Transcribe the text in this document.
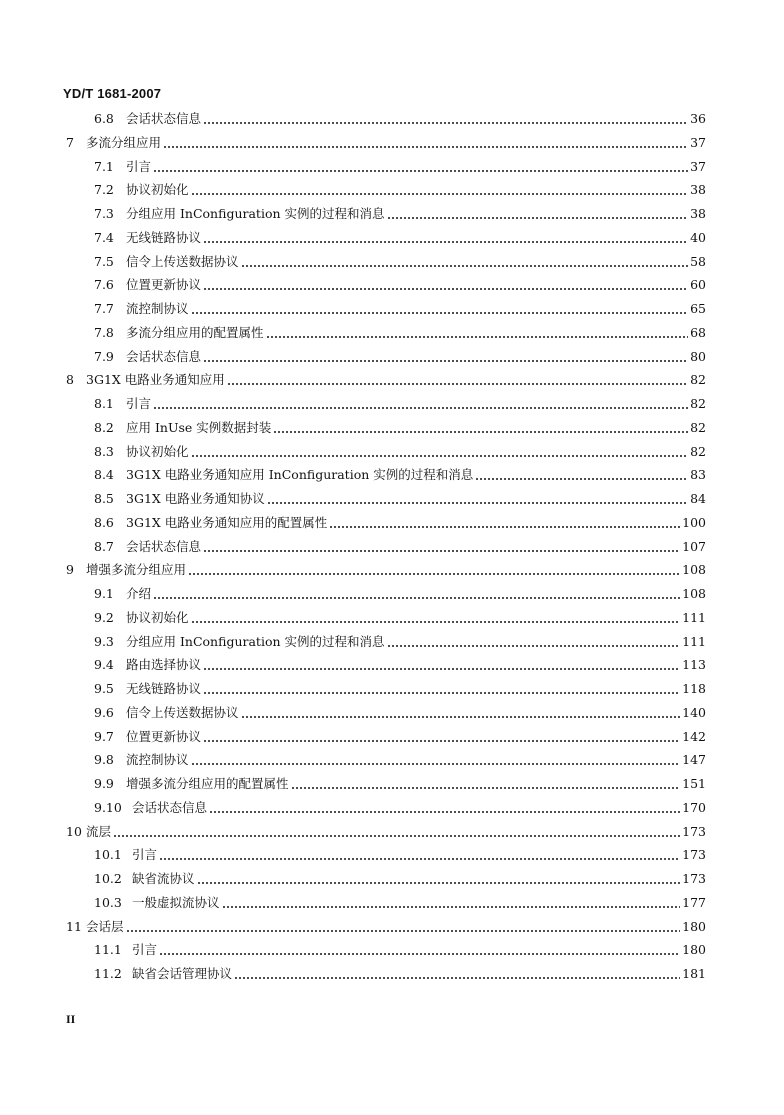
YD/T 1681-2007
6.8 会话状态信息	36
7 多流分组应用	37
7.1 引言	37
7.2 协议初始化	38
7.3 分组应用 InConfiguration 实例的过程和消息	38
7.4 无线链路协议	40
7.5 信令上传送数据协议	58
7.6 位置更新协议	60
7.7 流控制协议	65
7.8 多流分组应用的配置属性	68
7.9 会话状态信息	80
8 3G1X 电路业务通知应用	82
8.1 引言	82
8.2 应用 InUse 实例数据封装	82
8.3 协议初始化	82
8.4 3G1X 电路业务通知应用 InConfiguration 实例的过程和消息	83
8.5 3G1X 电路业务通知协议	84
8.6 3G1X 电路业务通知应用的配置属性	100
8.7 会话状态信息	107
9 增强多流分组应用	108
9.1 介绍	108
9.2 协议初始化	111
9.3 分组应用 InConfiguration 实例的过程和消息	111
9.4 路由选择协议	113
9.5 无线链路协议	118
9.6 信令上传送数据协议	140
9.7 位置更新协议	142
9.8 流控制协议	147
9.9 增强多流分组应用的配置属性	151
9.10 会话状态信息	170
10 流层	173
10.1 引言	173
10.2 缺省流协议	173
10.3 一般虚拟流协议	177
11 会话层	180
11.1 引言	180
11.2 缺省会话管理协议	181
II
